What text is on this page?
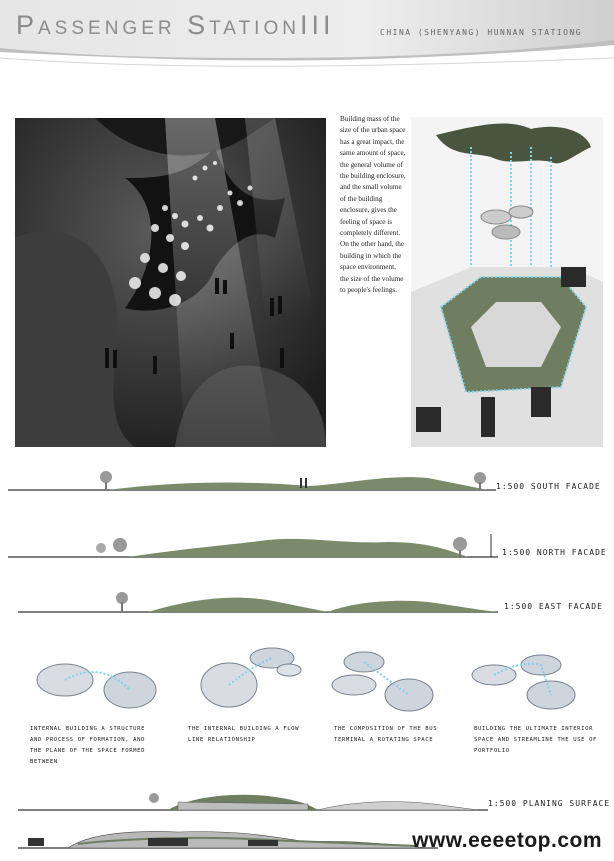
Passenger StationIII	CHINA (SHENYANG) HUNNAN STATIONG
Building mass of the size of the urban space has a great impact, the same amount of space, the general volume of the building enclosure, and the small volume of the building enclosure, gives the feeling of space is completely different. On the other hand, the building in which the space environment, the size of the volume to people's feelings.
1:500 SOUTH FACADE
1:500 NORTH FACADE
1:500 EAST FACADE
INTERNAL BUILDING A STRUCTURE AND PROCESS OF FORMATION, AND THE PLANE OF THE SPACE FORMED BETWEEN
THE INTERNAL BUILDING A FLOW LINE RELATIONSHIP
THE COMPOSITION OF THE BUS TERMINAL A ROTATING SPACE
BUILDING THE ULTIMATE INTERIOR SPACE AND STREAMLINE THE USE OF PORTFOLIO
1:500 PLANING SURFACE
www.eeeetop.com
